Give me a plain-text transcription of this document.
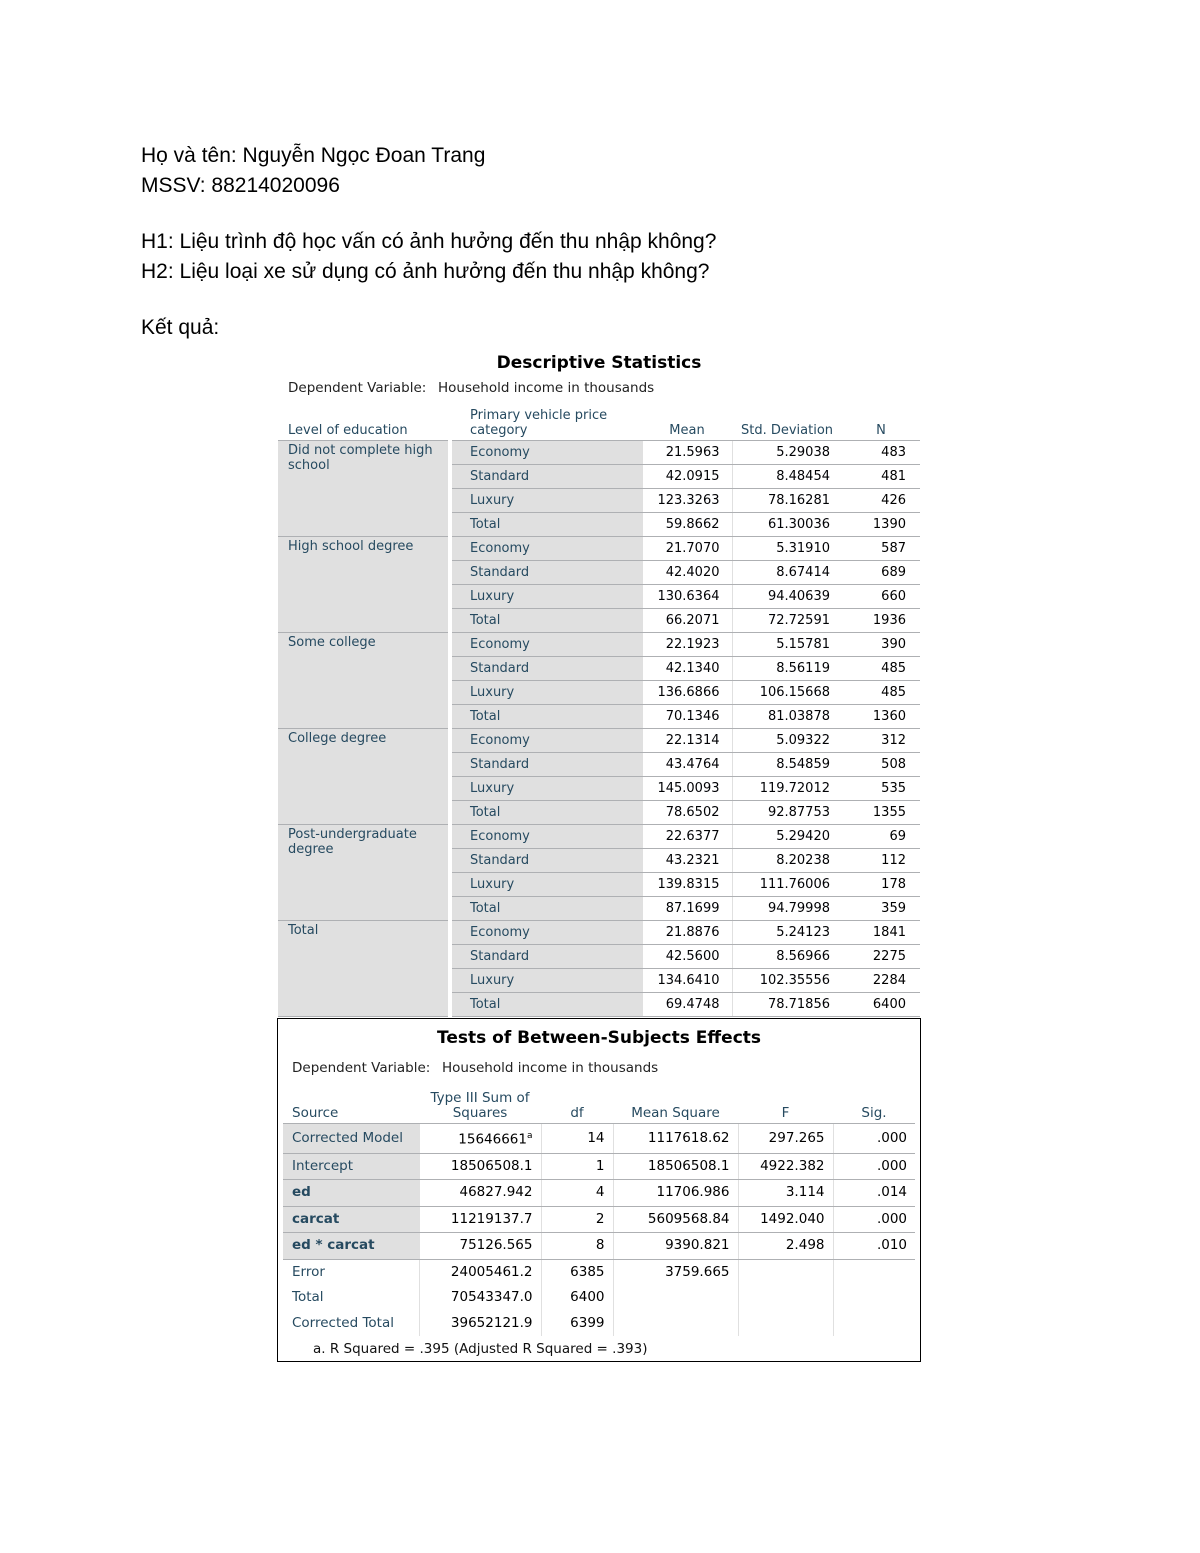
Họ và tên: Nguyễn Ngọc Đoan Trang

MSSV: 88214020096

H1: Liệu trình độ học vấn có ảnh hưởng đến thu nhập không?

H2: Liệu loại xe sử dụng có ảnh hưởng đến thu nhập không?

Kết quả:

Descriptive Statistics
Dependent Variable: Household income in thousands
Level of education		Primary vehicle price category	Mean	Std. Deviation	N
Did not complete high school		Economy	21.5963	5.29038	483
		Standard	42.0915	8.48454	481
		Luxury	123.3263	78.16281	426
		Total	59.8662	61.30036	1390
High school degree		Economy	21.7070	5.31910	587
		Standard	42.4020	8.67414	689
		Luxury	130.6364	94.40639	660
		Total	66.2071	72.72591	1936
Some college		Economy	22.1923	5.15781	390
		Standard	42.1340	8.56119	485
		Luxury	136.6866	106.15668	485
		Total	70.1346	81.03878	1360
College degree		Economy	22.1314	5.09322	312
		Standard	43.4764	8.54859	508
		Luxury	145.0093	119.72012	535
		Total	78.6502	92.87753	1355
Post-undergraduate degree		Economy	22.6377	5.29420	69
		Standard	43.2321	8.20238	112
		Luxury	139.8315	111.76006	178
		Total	87.1699	94.79998	359
Total		Economy	21.8876	5.24123	1841
		Standard	42.5600	8.56966	2275
		Luxury	134.6410	102.35556	2284
		Total	69.4748	78.71856	6400
Tests of Between-Subjects Effects
Dependent Variable: Household income in thousands
Source	Type III Sum of Squares	df	Mean Square	F	Sig.
Corrected Model	15646661$^a$	14	1117618.62	297.265	.000
Intercept	18506508.1	1	18506508.1	4922.382	.000
ed	46827.942	4	11706.986	3.114	.014
carcat	11219137.7	2	5609568.84	1492.040	.000
ed * carcat	75126.565	8	9390.821	2.498	.010
Error	24005461.2	6385	3759.665		
Total	70543347.0	6400			
Corrected Total	39652121.9	6399			
a. R Squared = .395 (Adjusted R Squared = .393)
